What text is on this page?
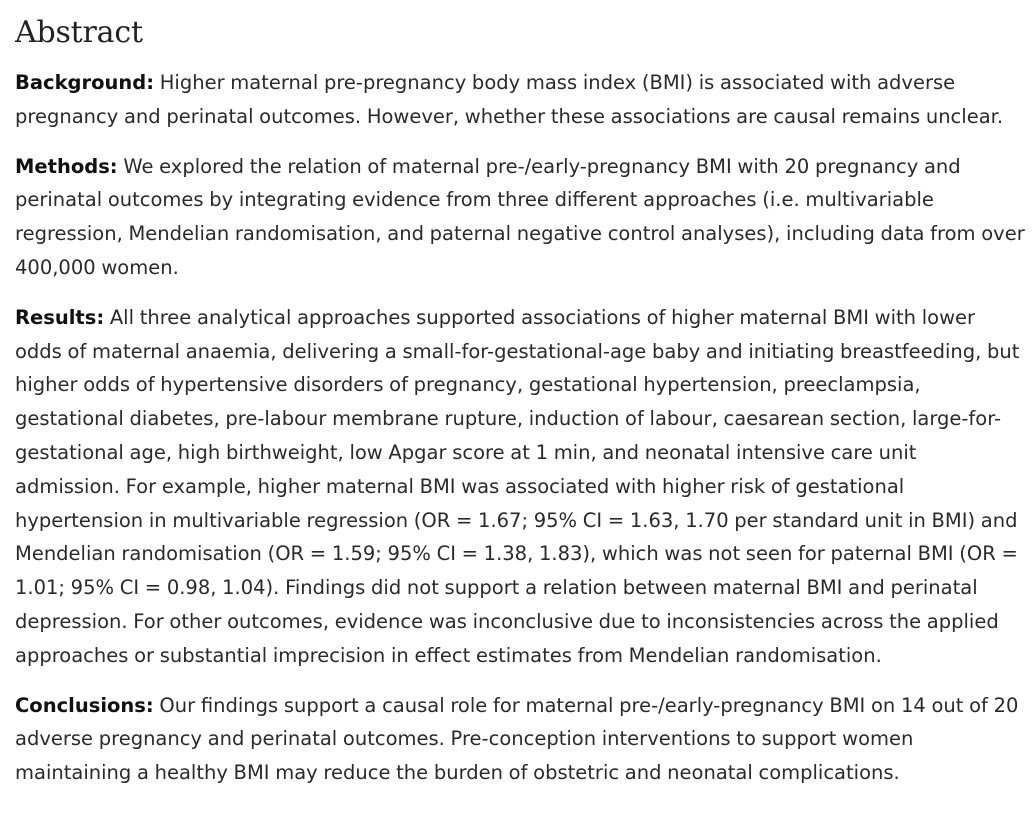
Abstract

Background: Higher maternal pre-pregnancy body mass index (BMI) is associated with adverse pregnancy and perinatal outcomes. However, whether these associations are causal remains unclear.

Methods: We explored the relation of maternal pre-/early-pregnancy BMI with 20 pregnancy and perinatal outcomes by integrating evidence from three different approaches (i.e. multivariable regression, Mendelian randomisation, and paternal negative control analyses), including data from over 400,000 women.

Results: All three analytical approaches supported associations of higher maternal BMI with lower odds of maternal anaemia, delivering a small-for-gestational-age baby and initiating breastfeeding, but higher odds of hypertensive disorders of pregnancy, gestational hypertension, preeclampsia, gestational diabetes, pre-labour membrane rupture, induction of labour, caesarean section, large-for-gestational age, high birthweight, low Apgar score at 1 min, and neonatal intensive care unit admission. For example, higher maternal BMI was associated with higher risk of gestational hypertension in multivariable regression (OR = 1.67; 95% CI = 1.63, 1.70 per standard unit in BMI) and Mendelian randomisation (OR = 1.59; 95% CI = 1.38, 1.83), which was not seen for paternal BMI (OR = 1.01; 95% CI = 0.98, 1.04). Findings did not support a relation between maternal BMI and perinatal depression. For other outcomes, evidence was inconclusive due to inconsistencies across the applied approaches or substantial imprecision in effect estimates from Mendelian randomisation.

Conclusions: Our findings support a causal role for maternal pre-/early-pregnancy BMI on 14 out of 20 adverse pregnancy and perinatal outcomes. Pre-conception interventions to support women maintaining a healthy BMI may reduce the burden of obstetric and neonatal complications.
